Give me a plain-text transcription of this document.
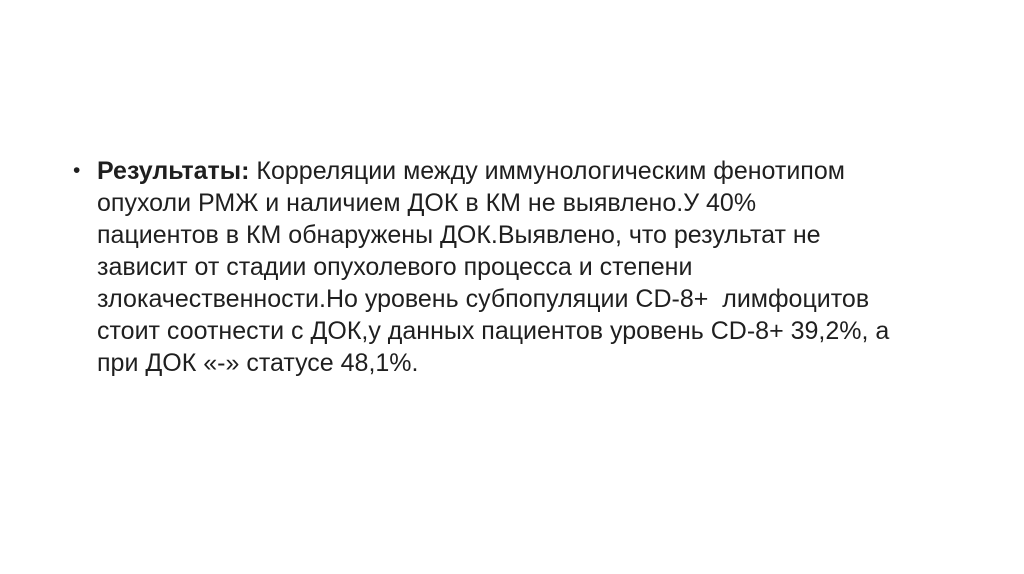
• Результаты: Корреляции между иммунологическим фенотипом
опухоли РМЖ и наличием ДОК в КМ не выявлено.У 40%
пациентов в КМ обнаружены ДОК.Выявлено, что результат не
зависит от стадии опухолевого процесса и степени
злокачественности.Но уровень субпопуляции CD-8+  лимфоцитов
стоит соотнести с ДОК,у данных пациентов уровень CD-8+ 39,2%, а
при ДОК «-» статусе 48,1%.
